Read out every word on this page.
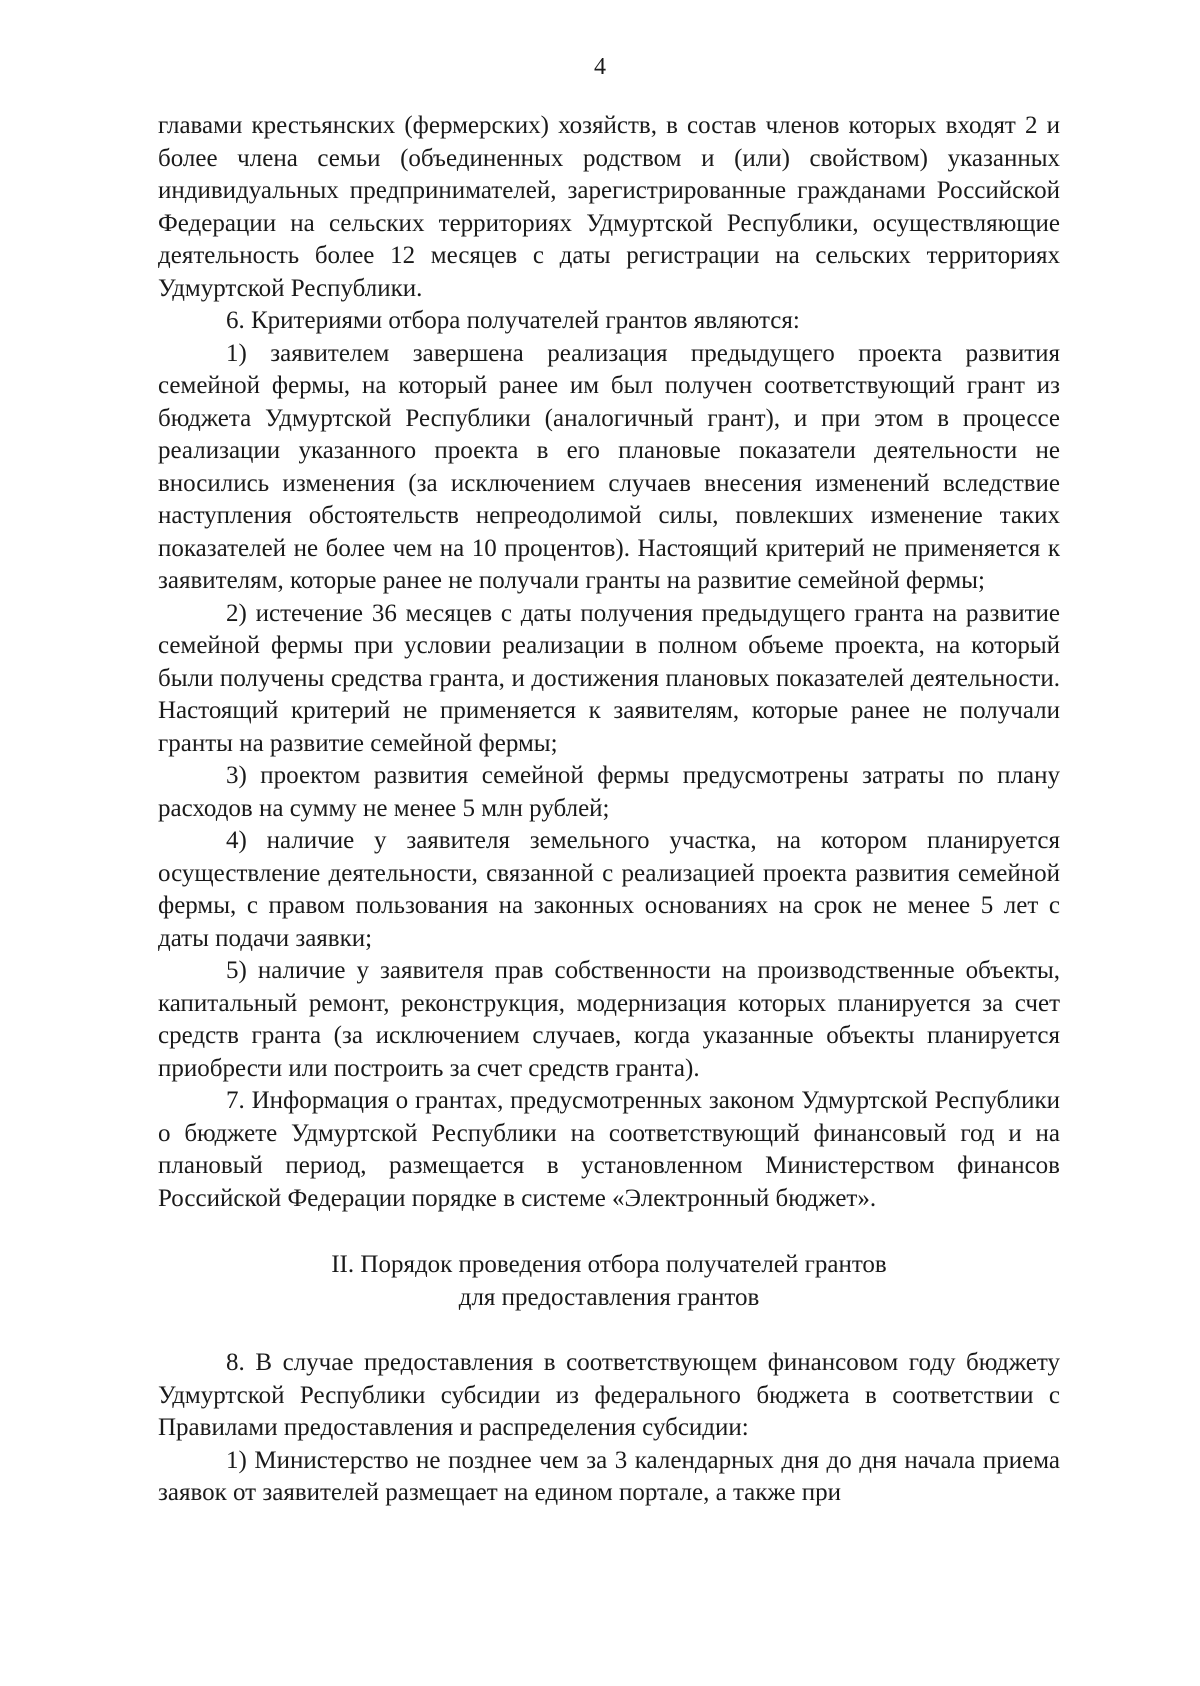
4

главами крестьянских (фермерских) хозяйств, в состав членов которых входят 2 и более члена семьи (объединенных родством и (или) свойством) указанных индивидуальных предпринимателей, зарегистрированные гражданами Российской Федерации на сельских территориях Удмуртской Республики, осуществляющие деятельность более 12 месяцев с даты регистрации на сельских территориях Удмуртской Республики.

6. Критериями отбора получателей грантов являются:

1) заявителем завершена реализация предыдущего проекта развития семейной фермы, на который ранее им был получен соответствующий грант из бюджета Удмуртской Республики (аналогичный грант), и при этом в процессе реализации указанного проекта в его плановые показатели деятельности не вносились изменения (за исключением случаев внесения изменений вследствие наступления обстоятельств непреодолимой силы, повлекших изменение таких показателей не более чем на 10 процентов). Настоящий критерий не применяется к заявителям, которые ранее не получали гранты на развитие семейной фермы;

2) истечение 36 месяцев с даты получения предыдущего гранта на развитие семейной фермы при условии реализации в полном объеме проекта, на который были получены средства гранта, и достижения плановых показателей деятельности. Настоящий критерий не применяется к заявителям, которые ранее не получали гранты на развитие семейной фермы;

3) проектом развития семейной фермы предусмотрены затраты по плану расходов на сумму не менее 5 млн рублей;

4) наличие у заявителя земельного участка, на котором планируется осуществление деятельности, связанной с реализацией проекта развития семейной фермы, с правом пользования на законных основаниях на срок не менее 5 лет с даты подачи заявки;

5) наличие у заявителя прав собственности на производственные объекты, капитальный ремонт, реконструкция, модернизация которых планируется за счет средств гранта (за исключением случаев, когда указанные объекты планируется приобрести или построить за счет средств гранта).

7. Информация о грантах, предусмотренных законом Удмуртской Республики о бюджете Удмуртской Республики на соответствующий финансовый год и на плановый период, размещается в установленном Министерством финансов Российской Федерации порядке в системе «Электронный бюджет».

II. Порядок проведения отбора получателей грантов
для предоставления грантов

8. В случае предоставления в соответствующем финансовом году бюджету Удмуртской Республики субсидии из федерального бюджета в соответствии с Правилами предоставления и распределения субсидии:

1) Министерство не позднее чем за 3 календарных дня до дня начала приема заявок от заявителей размещает на едином портале, а также при
